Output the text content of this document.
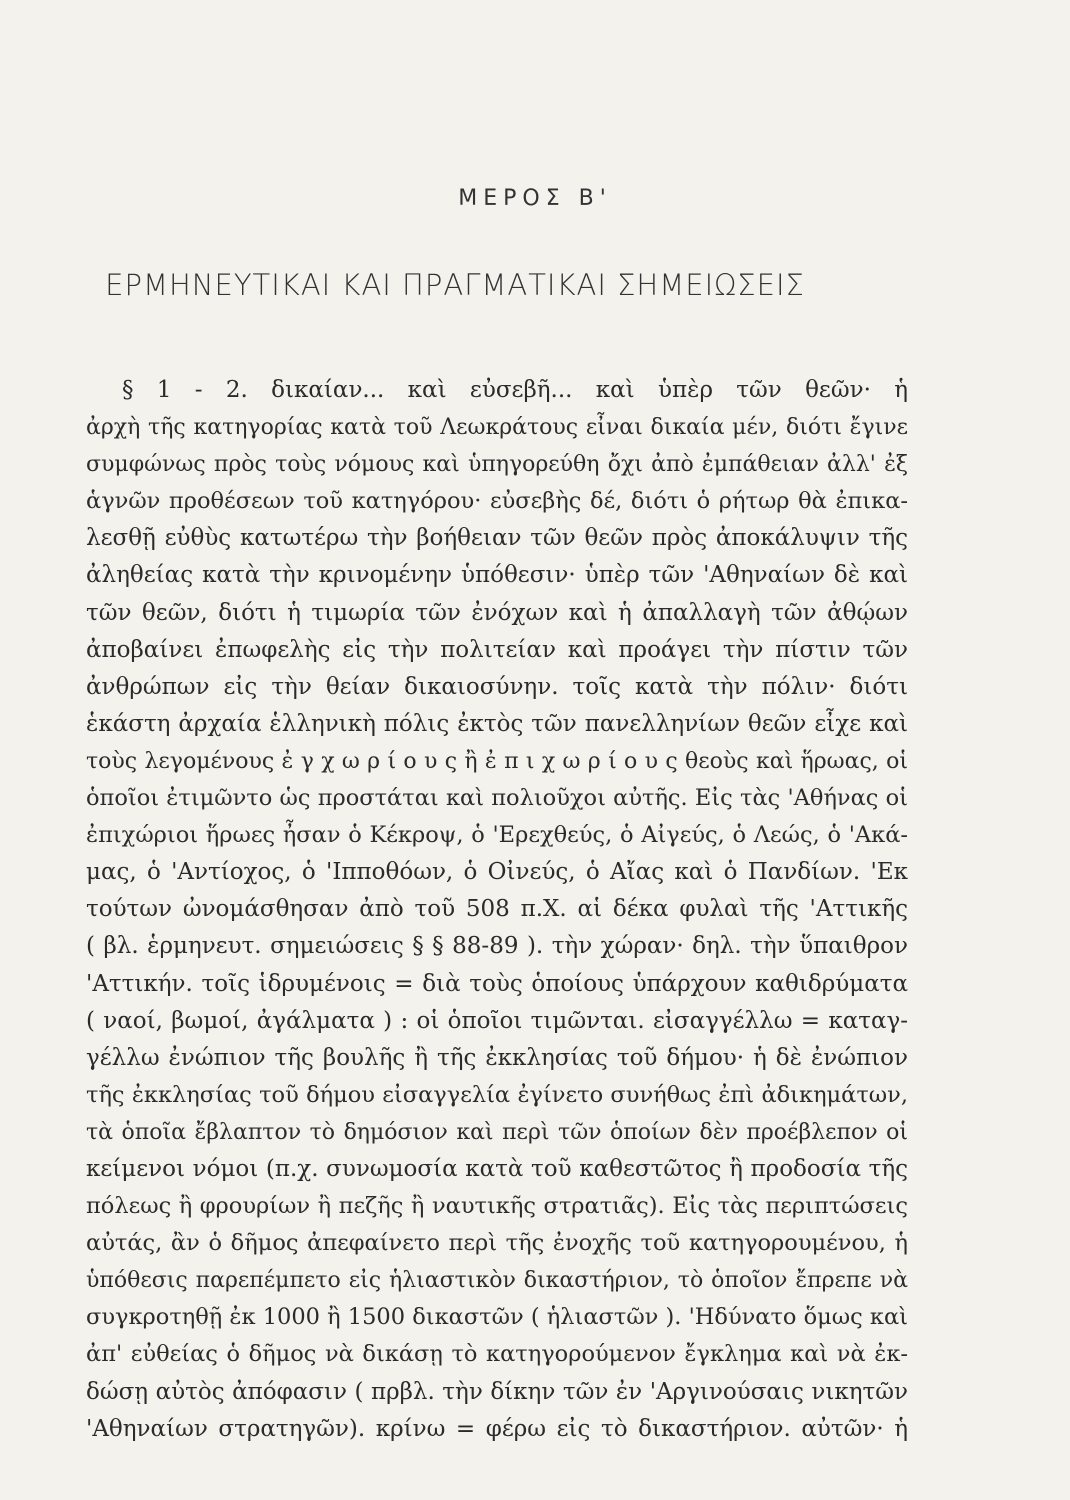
ΜΕΡΟΣ Β'
ΕΡΜΗΝΕΥΤΙΚΑΙ ΚΑΙ ΠΡΑΓΜΑΤΙΚΑΙ ΣΗΜΕΙΩΣΕΙΣ
§ 1 - 2. δικαίαν... καὶ εὐσεβῆ... καὶ ὑπὲρ τῶν θεῶν· ἡ
ἀρχὴ τῆς κατηγορίας κατὰ τοῦ Λεωκράτους εἶναι δικαία μέν, διότι ἔγινε
συμφώνως πρὸς τοὺς νόμους καὶ ὑπηγορεύθη ὄχι ἀπὸ ἐμπάθειαν ἀλλ' ἐξ
ἁγνῶν προθέσεων τοῦ κατηγόρου· εὐσεβὴς δέ, διότι ὁ ρήτωρ θὰ ἐπικα-
λεσθῇ εὐθὺς κατωτέρω τὴν βοήθειαν τῶν θεῶν πρὸς ἀποκάλυψιν τῆς
ἀληθείας κατὰ τὴν κρινομένην ὑπόθεσιν· ὑπὲρ τῶν 'Αθηναίων δὲ καὶ
τῶν θεῶν, διότι ἡ τιμωρία τῶν ἐνόχων καὶ ἡ ἀπαλλαγὴ τῶν ἀθῴων
ἀποβαίνει ἐπωφελὴς εἰς τὴν πολιτείαν καὶ προάγει τὴν πίστιν τῶν
ἀνθρώπων εἰς τὴν θείαν δικαιοσύνην. τοῖς κατὰ τὴν πόλιν· διότι
ἑκάστη ἀρχαία ἑλληνικὴ πόλις ἐκτὸς τῶν πανελληνίων θεῶν εἶχε καὶ
τοὺς λεγομένους ἐ γ χ ω ρ ί ο υ ς ἢ ἐ π ι χ ω ρ ί ο υ ς θεοὺς καὶ ἥρωας, οἱ
ὁποῖοι ἐτιμῶντο ὡς προστάται καὶ πολιοῦχοι αὐτῆς. Εἰς τὰς 'Αθήνας οἱ
ἐπιχώριοι ἥρωες ἦσαν ὁ Κέκροψ, ὁ 'Ερεχθεύς, ὁ Αἰγεύς, ὁ Λεώς, ὁ 'Ακά-
μας, ὁ 'Αντίοχος, ὁ 'Ιπποθόων, ὁ Οἰνεύς, ὁ Αἴας καὶ ὁ Πανδίων. 'Εκ
τούτων ὠνομάσθησαν ἀπὸ τοῦ 508 π.Χ. αἱ δέκα φυλαὶ τῆς 'Αττικῆς
( βλ. ἑρμηνευτ. σημειώσεις § § 88-89 ). τὴν χώραν· δηλ. τὴν ὕπαιθρον
'Αττικήν. τοῖς ἱδρυμένοις = διὰ τοὺς ὁποίους ὑπάρχουν καθιδρύματα
( ναοί, βωμοί, ἀγάλματα ) : οἱ ὁποῖοι τιμῶνται. εἰσαγγέλλω = καταγ-
γέλλω ἐνώπιον τῆς βουλῆς ἢ τῆς ἐκκλησίας τοῦ δήμου· ἡ δὲ ἐνώπιον
τῆς ἐκκλησίας τοῦ δήμου εἰσαγγελία ἐγίνετο συνήθως ἐπὶ ἀδικημάτων,
τὰ ὁποῖα ἔβλαπτον τὸ δημόσιον καὶ περὶ τῶν ὁποίων δὲν προέβλεπον οἱ
κείμενοι νόμοι (π.χ. συνωμοσία κατὰ τοῦ καθεστῶτος ἢ προδοσία τῆς
πόλεως ἢ φρουρίων ἢ πεζῆς ἢ ναυτικῆς στρατιᾶς). Εἰς τὰς περιπτώσεις
αὐτάς, ἂν ὁ δῆμος ἀπεφαίνετο περὶ τῆς ἐνοχῆς τοῦ κατηγορουμένου, ἡ
ὑπόθεσις παρεπέμπετο εἰς ἡλιαστικὸν δικαστήριον, τὸ ὁποῖον ἔπρεπε νὰ
συγκροτηθῇ ἐκ 1000 ἢ 1500 δικαστῶν ( ἡλιαστῶν ). 'Ηδύνατο ὅμως καὶ
ἀπ' εὐθείας ὁ δῆμος νὰ δικάσῃ τὸ κατηγορούμενον ἔγκλημα καὶ νὰ ἐκ-
δώσῃ αὐτὸς ἀπόφασιν ( πρβλ. τὴν δίκην τῶν ἐν 'Αργινούσαις νικητῶν
'Αθηναίων στρατηγῶν). κρίνω = φέρω εἰς τὸ δικαστήριον. αὐτῶν· ἡ
